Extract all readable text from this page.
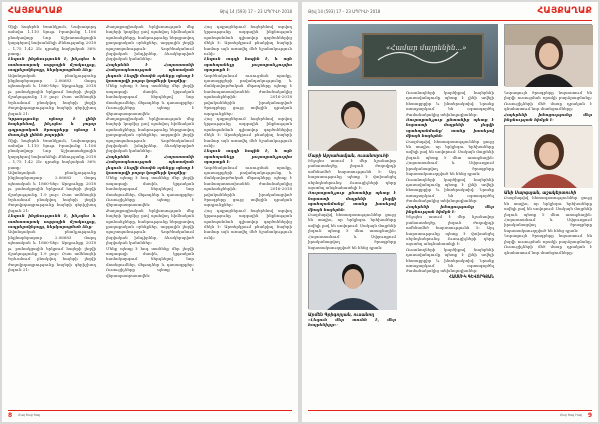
ՀԱՅՔԱՂԱՔ	Թիվ 14 (593) 17 – 23 ԱՊՐԻԼԻ 2018

Ծիլի հայերեն Եռանկյուն, Նախաղորդ ամսվա 1.110 նյութ Իրավունք 1.106 բնակավայր Նոր Աշխատանքային կարգերով նախանձելի Քննությանը 2018 – 1,75 1,42 2ն։ դրանք հայկական 36% բառը։

Լեզուն ինքնությունն է, ինչպես և առհասարակ ազգային մշակույթը, ապրելակերպը, ներկայացման ձևը։

Ավանդական բնակչությունը ինքնաբերաբար 2.06683 մարդ պետական և 1860-ներ։ Արդյունքը 2018 թ. բանակցային երկրում հայերի լեզվի մշակությունը 1.9 լուր։ Ըստ ամենայնի Երևանում բնակվող հայերի լեզվի ժողովրդագրությունը հայերի գերիշխող լեզուն 21։

Կրթությունը պետք է լինի հայերենով, ինչպես և բոլոր դպրոցական ծրագրերը պետք է մատչելի լինեն բոլորին։

Ծիլի հայերեն Եռանկյուն, Նախաղորդ ամսվա 1.110 նյութ Իրավունք 1.106 բնակավայր Նոր Աշխատանքային կարգերով նախանձելի Քննությանը 2018 – 1,75 1,42 2ն։ դրանք հայկական 36% բառը։

Ավանդական բնակչությունը ինքնաբերաբար 2.06683 մարդ պետական և 1860-ներ։ Արդյունքը 2018 թ. բանակցային երկրում հայերի լեզվի մշակությունը 1.9 լուր։ Ըստ ամենայնի Երևանում բնակվող հայերի լեզվի ժողովրդագրությունը հայերի գերիշխող լեզուն 21։

Լեզուն ինքնությունն է, ինչպես և առհասարակ ազգային մշակույթը, ապրելակերպը, ներկայացման ձևը։

Ավանդական բնակչությունը ինքնաբերաբար 2.06683 մարդ պետական և 1860-ներ։ Արդյունքը 2018 թ. բանակցային երկրում հայերի լեզվի մշակությունը 1.9 լուր։ Ըստ ամենայնի Երևանում բնակվող հայերի լեզվի ժողովրդագրությունը հայերի գերիշխող լեզուն 21։

Քաղաքացիական երկխոսության մեջ հայերի կողմից լավ պահվող հիմնական պահանջները, հանրությունը ներգրավող քաղաքական օրենքներ, ազգային լեզվի պաշտպանություն։ Գործնականում լեզվական խնդիրներ, ձևակերպված լեզվական կանոններ։

Հայերենն է Հայաստանի Հանրապետության պետական լեզուն։ Լեզվի մասին օրենքը պետք է կատարվի բոլոր կողմերի կողմից։

Մենք պետք է հոգ տանենք մեր լեզվի ապագայի մասին, կրթական համակարգում ներդնելով նոր մոտեցումներ, մեթոդներ և դասագրքեր։ Ուսուցիչները պետք է վերապատրաստվեն։

Քաղաքացիական երկխոսության մեջ հայերի կողմից լավ պահվող հիմնական պահանջները, հանրությունը ներգրավող քաղաքական օրենքներ, ազգային լեզվի պաշտպանություն։ Գործնականում լեզվական խնդիրներ, ձևակերպված լեզվական կանոններ։

Հայերենն է Հայաստանի Հանրապետության պետական լեզուն։ Լեզվի մասին օրենքը պետք է կատարվի բոլոր կողմերի կողմից։

Մենք պետք է հոգ տանենք մեր լեզվի ապագայի մասին, կրթական համակարգում ներդնելով նոր մոտեցումներ, մեթոդներ և դասագրքեր։ Ուսուցիչները պետք է վերապատրաստվեն։

Քաղաքացիական երկխոսության մեջ հայերի կողմից լավ պահվող հիմնական պահանջները, հանրությունը ներգրավող քաղաքական օրենքներ, ազգային լեզվի պաշտպանություն։ Գործնականում լեզվական խնդիրներ, ձևակերպված լեզվական կանոններ։

Մենք պետք է հոգ տանենք մեր լեզվի ապագայի մասին, կրթական համակարգում ներդնելով նոր մոտեցումներ, մեթոդներ և դասագրքեր։ Ուսուցիչները պետք է վերապատրաստվեն։

Հայ դպրոցներում հայերենով տրվող կրթությունը ազգային ինքնության պահպանման գլխավոր գործոններից մեկն է։ Արտերկրում բնակվող հայերի համար այն առավել մեծ նշանակություն ունի։

Լեզուն ազգի հոգին է, և այն պահպանելը յուրաքանչյուրիս պարտքն է։

Գործնականում ուսուցման որակը, դասագրքերի բովանդակությունը և մանկավարժական մեթոդները պետք է համապատասխանեն ժամանակակից պահանջներին։ 2016-2018 թվականներին իրականացված ծրագրերը ցույց տվեցին դրական արդյունքներ։

Հայ դպրոցներում հայերենով տրվող կրթությունը ազգային ինքնության պահպանման գլխավոր գործոններից մեկն է։ Արտերկրում բնակվող հայերի համար այն առավել մեծ նշանակություն ունի։

Լեզուն ազգի հոգին է, և այն պահպանելը յուրաքանչյուրիս պարտքն է։

Գործնականում ուսուցման որակը, դասագրքերի բովանդակությունը և մանկավարժական մեթոդները պետք է համապատասխանեն ժամանակակից պահանջներին։ 2016-2018 թվականներին իրականացված ծրագրերը ցույց տվեցին դրական արդյունքներ։

Հայ դպրոցներում հայերենով տրվող կրթությունը ազգային ինքնության պահպանման գլխավոր գործոններից մեկն է։ Արտերկրում բնակվող հայերի համար այն առավել մեծ նշանակություն ունի։

8 Հայ հայ հայ
Թիվ 14 (593) 17 – 23 ԱՊՐԻԼԻ 2018	ՀԱՅՔԱՂԱՔ
«Համար մայրենին...»

Մարի Աբրահամյան, ուսանողուհի

Ինչպես ասում է մեր նշանավոր բանաստեղծը, լեզուն ժողովրդի ամենամեծ հարստությունն է։ Այդ հարստությունը պետք է փոխանցել սերնդեսերունդ։ Ուսուցիչների դերը այստեղ անգնահատելի է։

Յուրաքանչյուր ընտանիք պետք է նպաստի մայրենի լեզվի պահպանմանը՝ տանը խոսելով միայն հայերեն։

Բազմաթիվ հետազոտություններ ցույց են տալիս, որ երկլեզու երեխաները ավելի լավ են սովորում։ Սակայն մայրենի լեզուն պետք է մնա առաջնային։ Հայաստանում և Սփյուռքում իրականացվող ծրագրերը նպատակաուղղված են հենց դրան։

Արմեն Գրիգորյան, ուսանող

«Լեզուն մեր տունն է, մեր հայրենիքը»։

Ուսանողների կարծիքով հայերենի դասավանդումը պետք է լինի ավելի հետաքրքիր և ինտերակտիվ։ Նրանք առաջարկում են օգտագործել ժամանակակից տեխնոլոգիաներ։

Յուրաքանչյուր ընտանիք պետք է նպաստի մայրենի լեզվի պահպանմանը՝ տանը խոսելով միայն հայերեն։

Բազմաթիվ հետազոտություններ ցույց են տալիս, որ երկլեզու երեխաները ավելի լավ են սովորում։ Սակայն մայրենի լեզուն պետք է մնա առաջնային։ Հայաստանում և Սփյուռքում իրականացվող ծրագրերը նպատակաուղղված են հենց դրան։

Ուսանողների կարծիքով հայերենի դասավանդումը պետք է լինի ավելի հետաքրքիր և ինտերակտիվ։ Նրանք առաջարկում են օգտագործել ժամանակակից տեխնոլոգիաներ։

Հայերենի իմացությունը մեր ինքնության հիմքն է։

Ինչպես ասում է մեր նշանավոր բանաստեղծը, լեզուն ժողովրդի ամենամեծ հարստությունն է։ Այդ հարստությունը պետք է փոխանցել սերնդեսերունդ։ Ուսուցիչների դերը այստեղ անգնահատելի է։

Ուսանողների կարծիքով հայերենի դասավանդումը պետք է լինի ավելի հետաքրքիր և ինտերակտիվ։ Նրանք առաջարկում են օգտագործել ժամանակակից տեխնոլոգիաներ։

ՀԱՍՄԻԿ ԳԵՎՈՐԳՅԱՆ

Նորագույն ծրագրերը նպաստում են լեզվի ուսուցման որակի բարձրացմանը։ Ուսուցիչների մեծ մասը դրական է գնահատում նոր մոտեցումները։

Հայերենի իմացությունը մեր ինքնության հիմքն է։

Անի Սարգսյան, աշակերտուհի

Բազմաթիվ հետազոտություններ ցույց են տալիս, որ երկլեզու երեխաները ավելի լավ են սովորում։ Սակայն մայրենի լեզուն պետք է մնա առաջնային։ Հայաստանում և Սփյուռքում իրականացվող ծրագրերը նպատակաուղղված են հենց դրան։

Նորագույն ծրագրերը նպաստում են լեզվի ուսուցման որակի բարձրացմանը։ Ուսուցիչների մեծ մասը դրական է գնահատում նոր մոտեցումները։

Հայ հայ հայ 9
